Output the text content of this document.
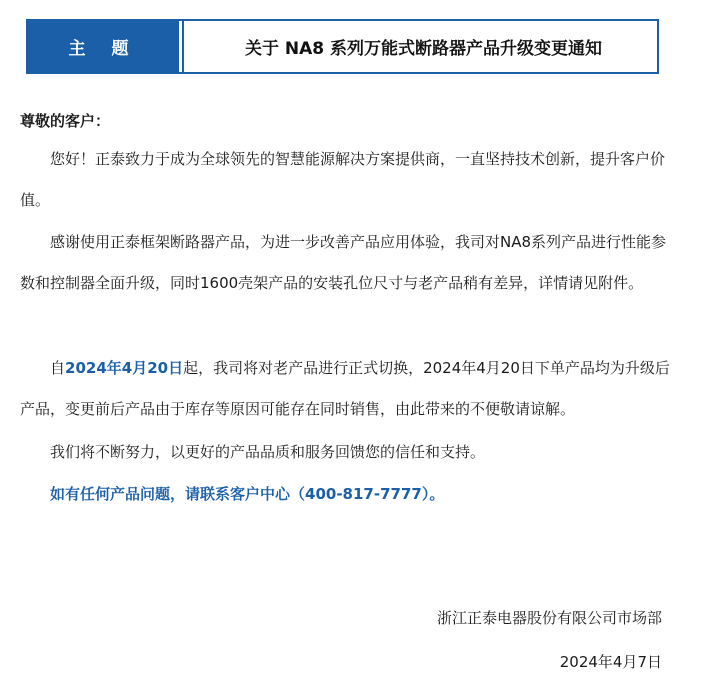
主 题	关于 NA8 系列万能式断路器产品升级变更通知
尊敬的客户：
您好！正泰致力于成为全球领先的智慧能源解决方案提供商，一直坚持技术创新，提升客户价值。
感谢使用正泰框架断路器产品，为进一步改善产品应用体验，我司对NA8系列产品进行性能参数和控制器全面升级，同时1600壳架产品的安装孔位尺寸与老产品稍有差异，详情请见附件。
自2024年4月20日起，我司将对老产品进行正式切换，2024年4月20日下单产品均为升级后产品，变更前后产品由于库存等原因可能存在同时销售，由此带来的不便敬请谅解。
我们将不断努力，以更好的产品品质和服务回馈您的信任和支持。
如有任何产品问题，请联系客户中心（400-817-7777）。
浙江正泰电器股份有限公司市场部
2024年4月7日
